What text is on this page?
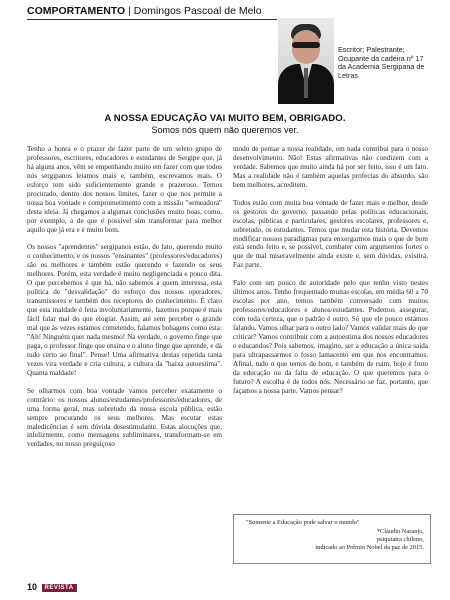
COMPORTAMENTO | Domingos Pascoal de Melo
Escritor; Palestrante; Ocupante da cadeira nº 17 da Academia Sergipana de Letras
A NOSSA EDUCAÇÃO VAI MUITO BEM, OBRIGADO.
Somos nós quem não queremos ver.

Tenho a honra e o prazer de fazer parte de um seleto grupo de professores, escritores, educadores e estudantes de Sergipe que, já há alguns anos, vêm se empenhando muito em fazer com que todos nós sergipanos leiamos mais e, também, escrevamos mais. O esforço tem sido suficientemente grande e prazeroso. Temos procurado, dentro dos nossos limites, fazer o que nos permite a nossa boa vontade e comprometimento com a missão "semeadora" desta ideia. Já chegamos a algumas conclusões muito boas, como, por exemplo, a de que é possível sim transformar para melhor aquilo que já era e é muito bom.

Os nossos "aprendentes" sergipanos estão, de fato, querendo muito o conhecimento, e os nossos "ensinantes" (professores/educadores) são os melhores e também estão querendo e fazendo os seus melhores. Porém, esta verdade é muito negligenciada e pouco dita. O que percebemos é que há, não sabemos a quem interessa, esta política de "desvalidação" do esforço dos nossos operadores, transmissores e também dos receptores do conhecimento. É claro que esta maldade é feita involuntariamente, fazemos porque é mais fácil falar mal do que elogiar. Assim, até sem perceber o grande mal que às vezes estamos cometendo, falamos bobagens como esta: "Ah! Ninguém quer nada mesmo! Na verdade, o governo finge que paga, o professor finge que ensina e o aluno finge que aprende, e dá tudo certo ao final". Pense! Uma afirmativa destas repetida tanta vezes vira verdade e cria cultura, a cultura da "baixa autoestima". Quanta maldade!

Se olharmos com boa vontade vamos perceber exatamente o contrário: os nossos alunos/estudantes/professores/educadores, de uma forma geral, mas sobretudo da nossa escola pública, estão sempre procurando os seus melhores. Mas escutar estas maledicências é sem dúvida desestimulante. Estas alocuções que, infelizmente, como mensagens subliminares, transformam-se em verdades, no nosso preguiçoso

modo de pensar a nossa realidade, em nada contribui para o nosso desenvolvimento. Não! Estas afirmativas não condizem com a verdade. Sabemos que muito ainda há por ser feito, isso é um fato. Mas a realidade não é também aquelas profecias do absurdo, são bem melhores, acreditem.

Todos estão com muita boa vontade de fazer mais e melhor, desde os gestores do governo, passando pelas políticas educacionais, escolas, públicas e particulares, gestores escolares, professores e, sobretudo, os estudantes. Temos que mudar esta história. Devemos modificar nossos paradigmas para enxergarmos mais o que de bom está sendo feito e, se possível, combater com argumentos fortes o que de mal miseravelmente ainda existe e, sem dúvidas, existirá. Faz parte.

Falo com um pouco de autoridade pelo que tenho visto nestes últimos anos. Tenho frequentado muitas escolas, em média 60 a 70 escolas por ano, temos também conversado com muitos professores/educadores e alunos/estudantes. Podemos assegurar, com toda certeza, que o padrão é outro. Só que ele pouco estamos falando. Vamos olhar para o outro lado? Vamos validar mais do que criticar? Vamos contribuir com a autoestima dos nossos educadores e educandos? Pois sabemos, imagino, ser a educação a única saída para ultrapassarmos o fosso lamacento em que nos encontramos. Afinal, tudo o que temos de bom, e também de ruim, hoje é fruto da educação ou da falta de educação. O que queremos para o futuro? A escolha é de todos nós. Necessário se faz, portanto, que façamos a nossa parte. Vamos pensar?

"Somente a Educação pode salvar o mundo"
*Cláudio Naranjo,
psiquiatra chileno,
indicado ao Prêmio Nobel da paz de 2015.
10 REVISTA
